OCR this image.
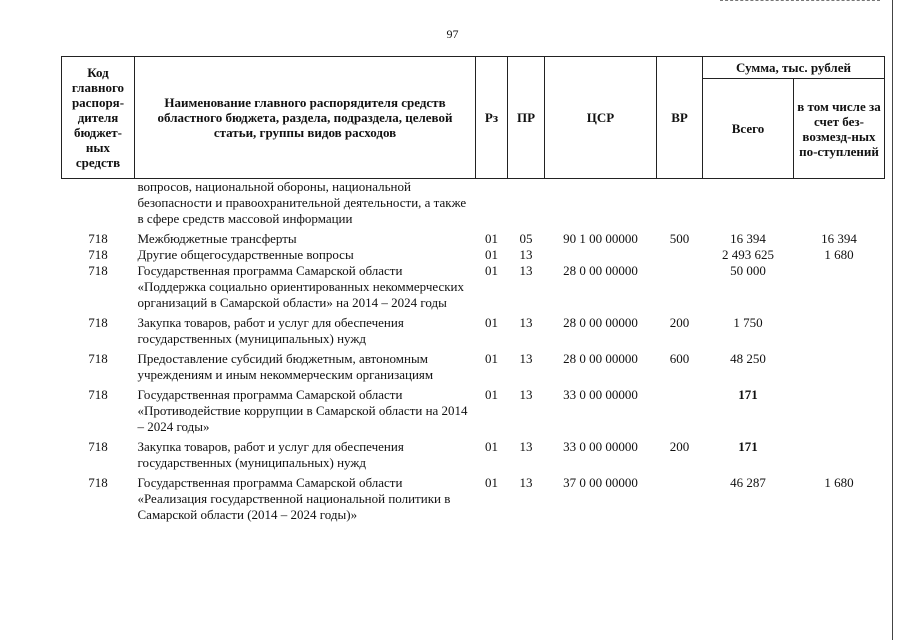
97
Код главного распоря-дителя бюджет-ных средств	Наименование главного распорядителя средств областного бюджета, раздела, подраздела, целевой статьи, группы видов расходов	Рз	ПР	ЦСР	ВР	Сумма, тыс. рублей	
						Всего	в том числе за счет без-возмезд-ных по-ступлений
	вопросов, национальной обороны, национальной безопасности и правоохранительной деятельности, а также в сфере средств массовой информации						

718	Межбюджетные трансферты	01	05	90 1 00 00000	500	16 394	16 394
718	Другие общегосударственные вопросы	01	13			2 493 625	1 680
718	Государственная программа Самарской области «Поддержка социально ориентированных некоммерческих организаций в Самарской области» на 2014 – 2024 годы	01	13	28 0 00 00000		50 000	

718	Закупка товаров, работ и услуг для обеспечения государственных (муниципальных) нужд	01	13	28 0 00 00000	200	1 750	

718	Предоставление субсидий бюджетным, автономным учреждениям и иным некоммерческим организациям	01	13	28 0 00 00000	600	48 250	

718	Государственная программа Самарской области «Противодействие коррупции в Самарской области на 2014 – 2024 годы»	01	13	33 0 00 00000		171	

718	Закупка товаров, работ и услуг для обеспечения государственных (муниципальных) нужд	01	13	33 0 00 00000	200	171	

718	Государственная программа Самарской области «Реализация государственной национальной политики в Самарской области (2014 – 2024 годы)»	01	13	37 0 00 00000		46 287	1 680
